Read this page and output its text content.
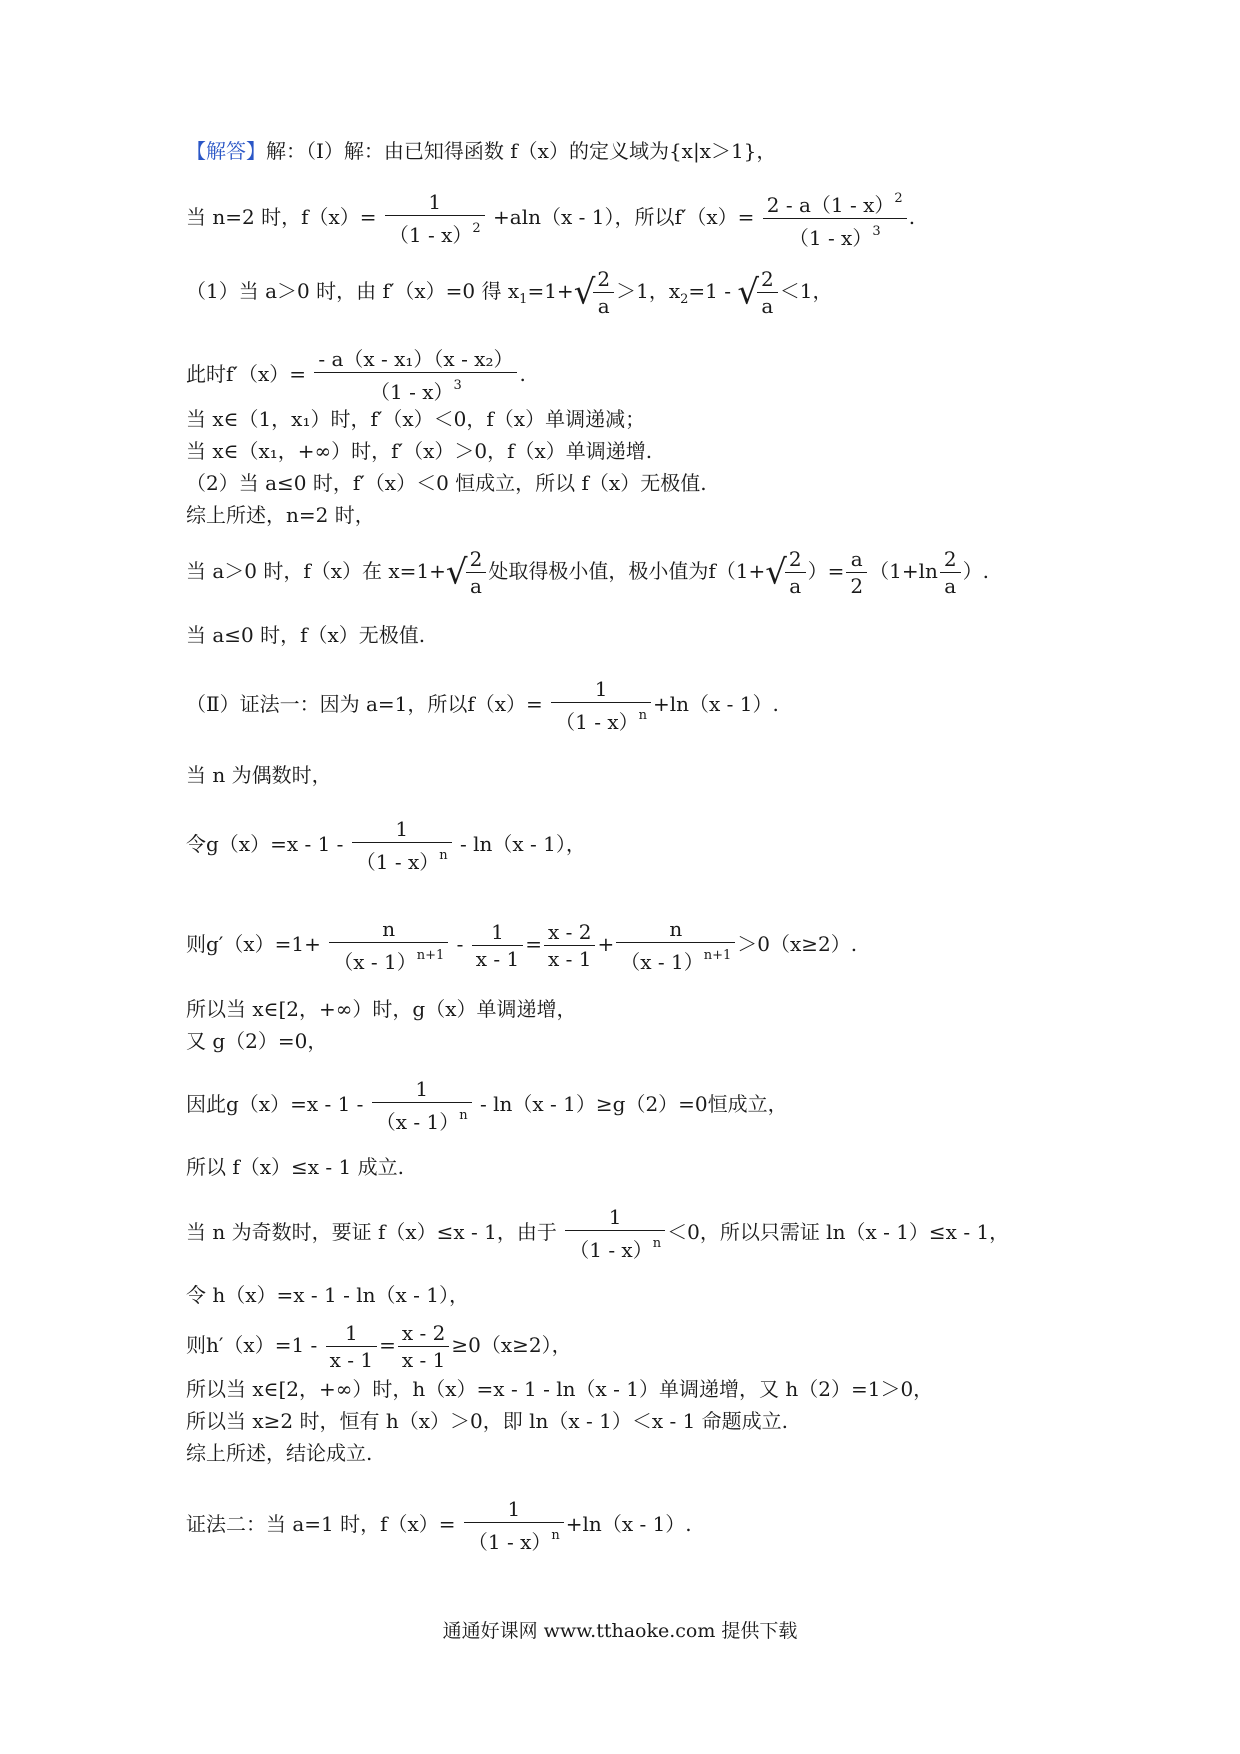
【解答】解：（Ⅰ）解：由已知得函数 f（x）的定义域为{x|x＞1}，
当 n=2 时，$f(x)= \frac{1}{(1 - x)^2} +aln(x - 1)$，所以$f'(x)= \frac{2 - a(1 - x)^2}{(1 - x)^3}$ .
（1）当 a＞0 时，由 f′（x）=0 得 $x_1=1+√$
$\frac{2}{a} >1$，$x_2=1$ - √
$\frac{2}{a} <1$，
此时$f'(x)= \frac{\text{- a（x - x₁）（x - x₂）}}{(1 - x)^3}$ .
当 x∈（1，x₁）时，f′（x）＜0，f（x）单调递减；
当 x∈（x₁，+∞）时，f′（x）＞0，f（x）单调递增.
（2）当 a≤0 时，f′（x）＜0 恒成立，所以 f（x）无极值.
综上所述，n=2 时，
当 a＞0 时，f（x）在 x=1+√
$\frac{2}{a}$ 处取得极小值，极小值为f（1+√
$\frac{2}{a}$ ）= $\frac{a}{2} (1+\ln \frac{2}{a}$ ）.
当 a≤0 时，f（x）无极值.
（Ⅱ）证法一：因为 a=1，所以$f(x)= \frac{1}{(1 - x)^n} +\ln(x - 1)$.
当 n 为偶数时，
令$g(x)=x - 1 - \frac{1}{(1 - x)^n} - \ln(x - 1)$，
则$g'(x)=1+ \frac{n}{(x - 1)^{n+1}} - \frac{1}{x - 1} = \frac{x - 2}{x - 1} + \frac{n}{(x - 1)^{n+1}} >0(x\ge 2)$.
所以当 x∈[2，+∞）时，g（x）单调递增，
又 g（2）=0，
因此$g(x)=x - 1 - \frac{1}{(x - 1)^n} - \ln(x - 1)\ge g(2)=0$恒成立，
所以 f（x）≤x - 1 成立.
当 n 为奇数时，要证 f（x）≤x - 1，由于 $\frac{1}{(1 - x)^n} <0$，所以只需证 ln（x - 1）≤x - 1，
令 h（x）=x - 1 - ln（x - 1），
则$h'(x)=1 - \frac{1}{x - 1} = \frac{x - 2}{x - 1} \ge 0(x\ge 2)$，
所以当 x∈[2，+∞）时，h（x）=x - 1 - ln（x - 1）单调递增，又 h（2）=1＞0，
所以当 x≥2 时，恒有 h（x）＞0，即 ln（x - 1）＜x - 1 命题成立.
综上所述，结论成立.
证法二：当 a=1 时，$f(x)= \frac{1}{(1 - x)^n} +\ln(x - 1)$.
通通好课网 www.tthaoke.com 提供下载
